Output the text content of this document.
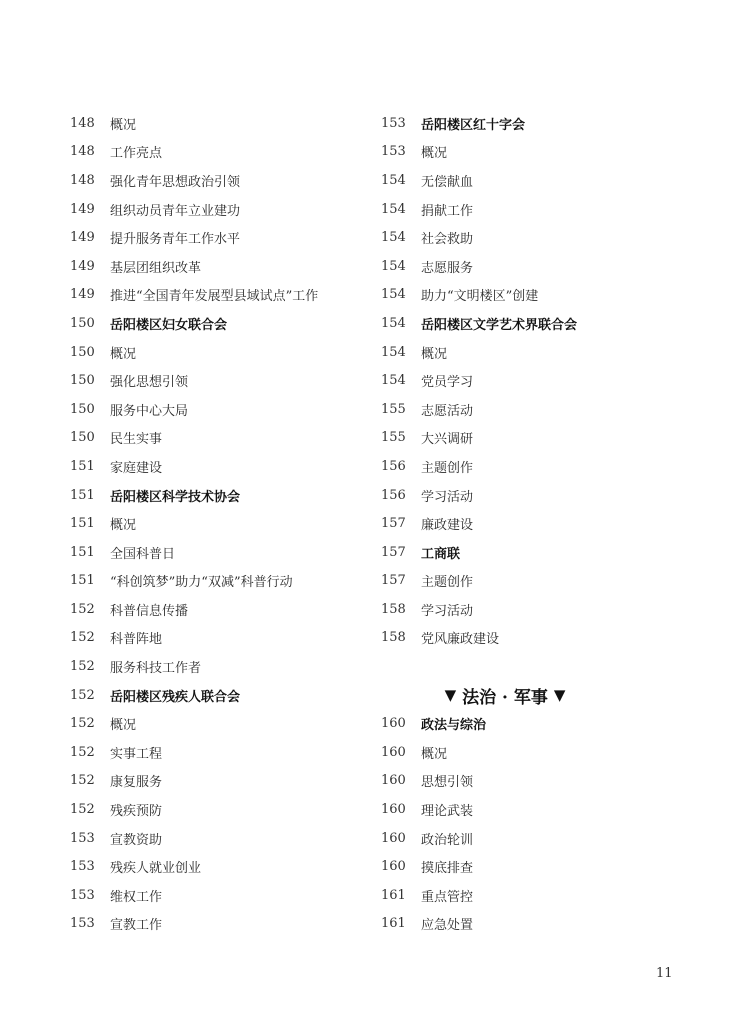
148	概况
148	工作亮点
148	强化青年思想政治引领
149	组织动员青年立业建功
149	提升服务青年工作水平
149	基层团组织改革
149	推进“全国青年发展型县域试点”工作
150	岳阳楼区妇女联合会
150	概况
150	强化思想引领
150	服务中心大局
150	民生实事
151	家庭建设
151	岳阳楼区科学技术协会
151	概况
151	全国科普日
151	“科创筑梦”助力“双减”科普行动
152	科普信息传播
152	科普阵地
152	服务科技工作者
152	岳阳楼区残疾人联合会
152	概况
152	实事工程
152	康复服务
152	残疾预防
153	宣教资助
153	残疾人就业创业
153	维权工作
153	宣教工作
153	岳阳楼区红十字会
153	概况
154	无偿献血
154	捐献工作
154	社会救助
154	志愿服务
154	助力“文明楼区”创建
154	岳阳楼区文学艺术界联合会
154	概况
154	党员学习
155	志愿活动
155	大兴调研
156	主题创作
156	学习活动
157	廉政建设
157	工商联
157	主题创作
158	学习活动
158	党风廉政建设
▼ 法治 · 军事 ▼
160	政法与综治
160	概况
160	思想引领
160	理论武装
160	政治轮训
160	摸底排查
161	重点管控
161	应急处置
11
